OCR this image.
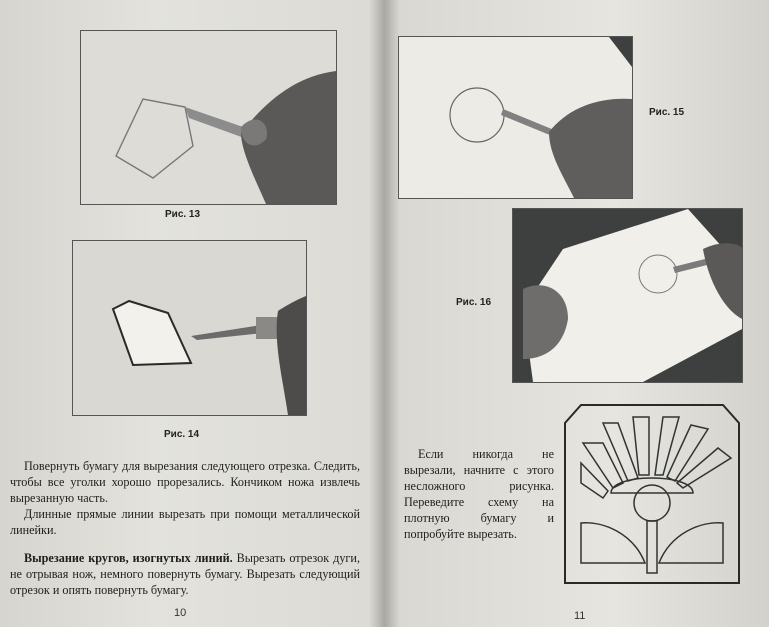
Рис. 13
Рис. 14

Повернуть бумагу для вырезания следующего отрезка. Следить, чтобы все уголки хорошо прорезались. Кончиком ножа извлечь вырезанную часть.

Длинные прямые линии вырезать при помощи металлической линейки.

Вырезание кругов, изогнутых линий. Вырезать отрезок дуги, не отрывая нож, немного повернуть бумагу. Вырезать следующий отрезок и опять повернуть бумагу.

10
Рис. 15
Рис. 16

Если никогда не вырезали, начните с этого несложного рисунка. Переведите схему на плотную бумагу и попробуйте вырезать.

11
